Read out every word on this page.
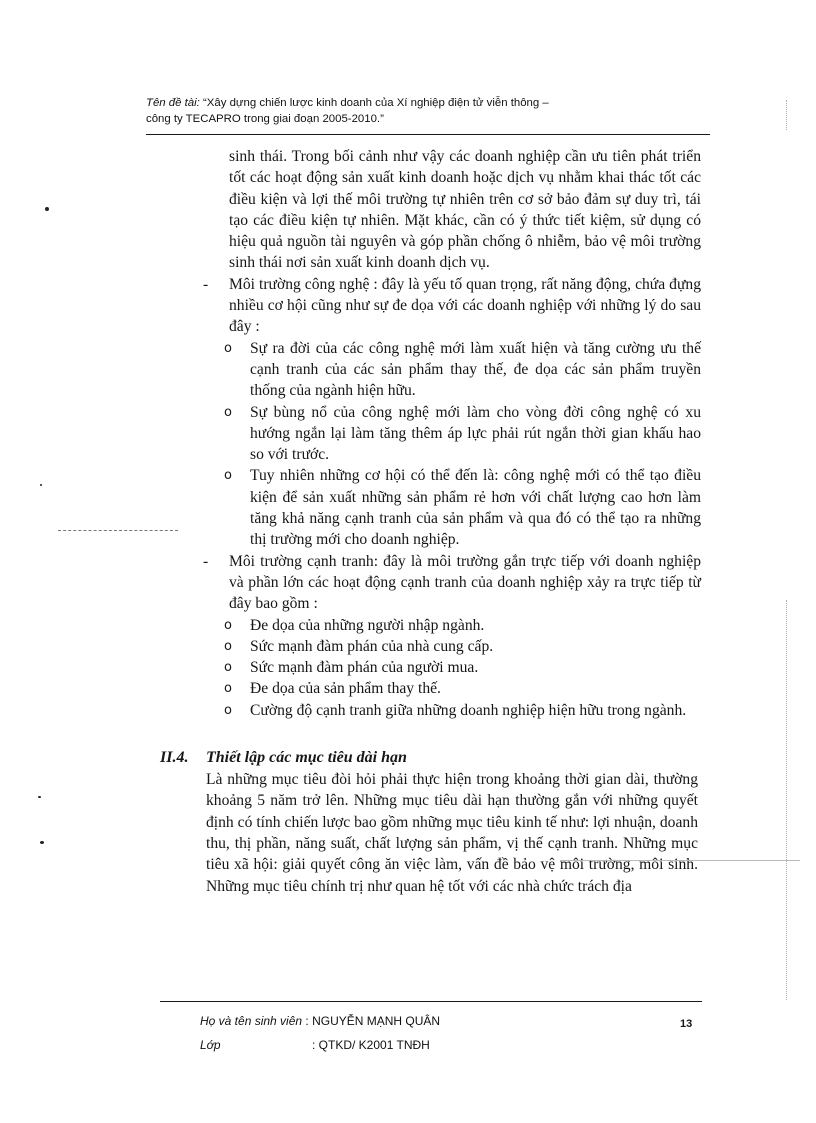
Tên đề tài: “Xây dựng chiến lược kinh doanh của Xí nghiệp điện tử viễn thông –
công ty TECAPRO trong giai đoạn 2005-2010.”

sinh thái. Trong bối cảnh như vậy các doanh nghiệp cần ưu tiên phát triển tốt các hoạt động sản xuất kinh doanh hoặc dịch vụ nhằm khai thác tốt các điều kiện và lợi thế môi trường tự nhiên trên cơ sở bảo đảm sự duy trì, tái tạo các điều kiện tự nhiên. Mặt khác, cần có ý thức tiết kiệm, sử dụng có hiệu quả nguồn tài nguyên và góp phần chống ô nhiễm, bảo vệ môi trường sinh thái nơi sản xuất kinh doanh dịch vụ.

- Môi trường công nghệ : đây là yếu tố quan trọng, rất năng động, chứa đựng nhiều cơ hội cũng như sự đe dọa với các doanh nghiệp với những lý do sau đây :
o Sự ra đời của các công nghệ mới làm xuất hiện và tăng cường ưu thế cạnh tranh của các sản phẩm thay thế, đe dọa các sản phẩm truyền thống của ngành hiện hữu.
o Sự bùng nổ của công nghệ mới làm cho vòng đời công nghệ có xu hướng ngắn lại làm tăng thêm áp lực phải rút ngắn thời gian khấu hao so với trước.
o Tuy nhiên những cơ hội có thể đến là: công nghệ mới có thể tạo điều kiện để sản xuất những sản phẩm rẻ hơn với chất lượng cao hơn làm tăng khả năng cạnh tranh của sản phẩm và qua đó có thể tạo ra những thị trường mới cho doanh nghiệp.
- Môi trường cạnh tranh: đây là môi trường gắn trực tiếp với doanh nghiệp và phần lớn các hoạt động cạnh tranh của doanh nghiệp xảy ra trực tiếp từ đây bao gồm :
o Đe dọa của những người nhập ngành.
o Sức mạnh đàm phán của nhà cung cấp.
o Sức mạnh đàm phán của người mua.
o Đe dọa của sản phẩm thay thế.
o Cường độ cạnh tranh giữa những doanh nghiệp hiện hữu trong ngành.
II.4. Thiết lập các mục tiêu dài hạn

Là những mục tiêu đòi hỏi phải thực hiện trong khoảng thời gian dài, thường khoảng 5 năm trở lên. Những mục tiêu dài hạn thường gắn với những quyết định có tính chiến lược bao gồm những mục tiêu kinh tế như: lợi nhuận, doanh thu, thị phần, năng suất, chất lượng sản phẩm, vị thế cạnh tranh. Những mục tiêu xã hội: giải quyết công ăn việc làm, vấn đề bảo vệ môi trường, môi sinh. Những mục tiêu chính trị như quan hệ tốt với các nhà chức trách địa

Họ và tên sinh viên : NGUYỄN MẠNH QUÂN
Lớp	: QTKD/ K2001 TNĐH
13
